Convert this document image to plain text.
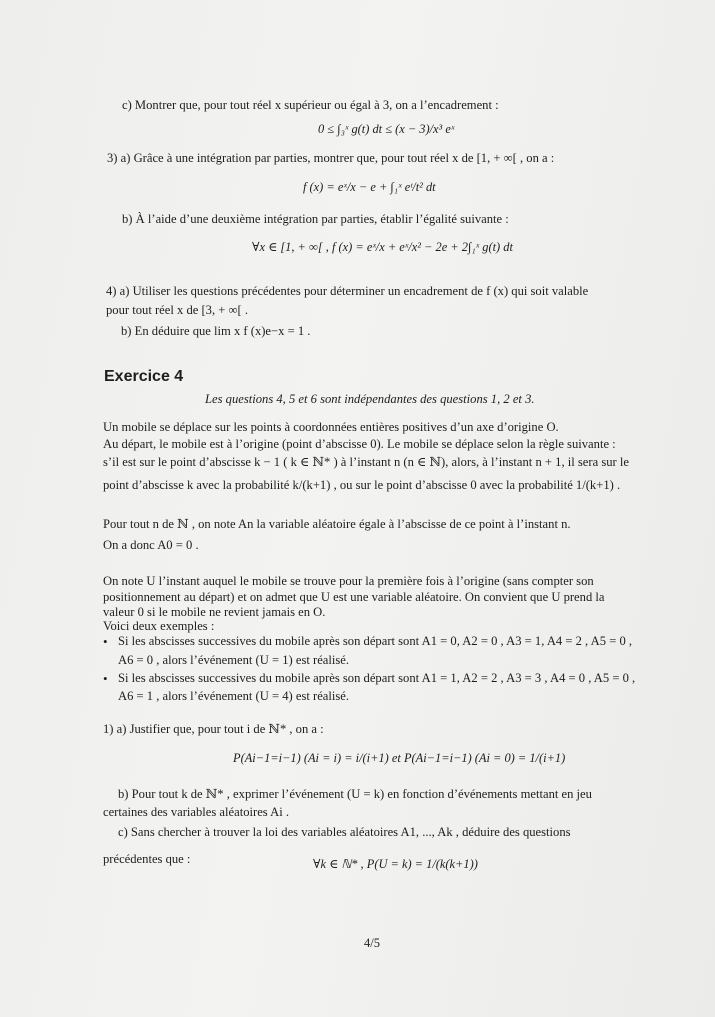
c) Montrer que, pour tout réel x supérieur ou égal à 3, on a l’encadrement :
0 ≤ ∫₃ˣ g(t) dt ≤ (x − 3)/x³ eˣ
3) a) Grâce à une intégration par parties, montrer que, pour tout réel x de [1, + ∞[ , on a :
f (x) = eˣ/x − e + ∫₁ˣ eᵗ/t² dt
b) À l’aide d’une deuxième intégration par parties, établir l’égalité suivante :
∀x ∈ [1, + ∞[ , f (x) = eˣ/x + eˣ/x² − 2e + 2∫₁ˣ g(t) dt
4) a) Utiliser les questions précédentes pour déterminer un encadrement de f (x) qui soit valable
pour tout réel x de [3, + ∞[ .
b) En déduire que lim x f (x)e−x = 1 .
Exercice 4
Les questions 4, 5 et 6 sont indépendantes des questions 1, 2 et 3.
Un mobile se déplace sur les points à coordonnées entières positives d’un axe d’origine O.
Au départ, le mobile est à l’origine (point d’abscisse 0). Le mobile se déplace selon la règle suivante :
s’il est sur le point d’abscisse k − 1 ( k ∈ ℕ* ) à l’instant n (n ∈ ℕ), alors, à l’instant n + 1, il sera sur le
point d’abscisse k avec la probabilité k/(k+1) , ou sur le point d’abscisse 0 avec la probabilité 1/(k+1) .
Pour tout n de ℕ , on note An la variable aléatoire égale à l’abscisse de ce point à l’instant n.
On a donc A0 = 0 .
On note U l’instant auquel le mobile se trouve pour la première fois à l’origine (sans compter son
positionnement au départ) et on admet que U est une variable aléatoire. On convient que U prend la
valeur 0 si le mobile ne revient jamais en O.
Voici deux exemples :
• Si les abscisses successives du mobile après son départ sont A1 = 0, A2 = 0 , A3 = 1, A4 = 2 , A5 = 0 ,
A6 = 0 , alors l’événement (U = 1) est réalisé.
• Si les abscisses successives du mobile après son départ sont A1 = 1, A2 = 2 , A3 = 3 , A4 = 0 , A5 = 0 ,
A6 = 1 , alors l’événement (U = 4) est réalisé.
1) a) Justifier que, pour tout i de ℕ* , on a :
P(Ai−1=i−1) (Ai = i) = i/(i+1) et P(Ai−1=i−1) (Ai = 0) = 1/(i+1)
b) Pour tout k de ℕ* , exprimer l’événement (U = k) en fonction d’événements mettant en jeu
certaines des variables aléatoires Ai .
c) Sans chercher à trouver la loi des variables aléatoires A1, ..., Ak , déduire des questions
précédentes que :	∀k ∈ ℕ* , P(U = k) = 1/(k(k+1))
4/5
